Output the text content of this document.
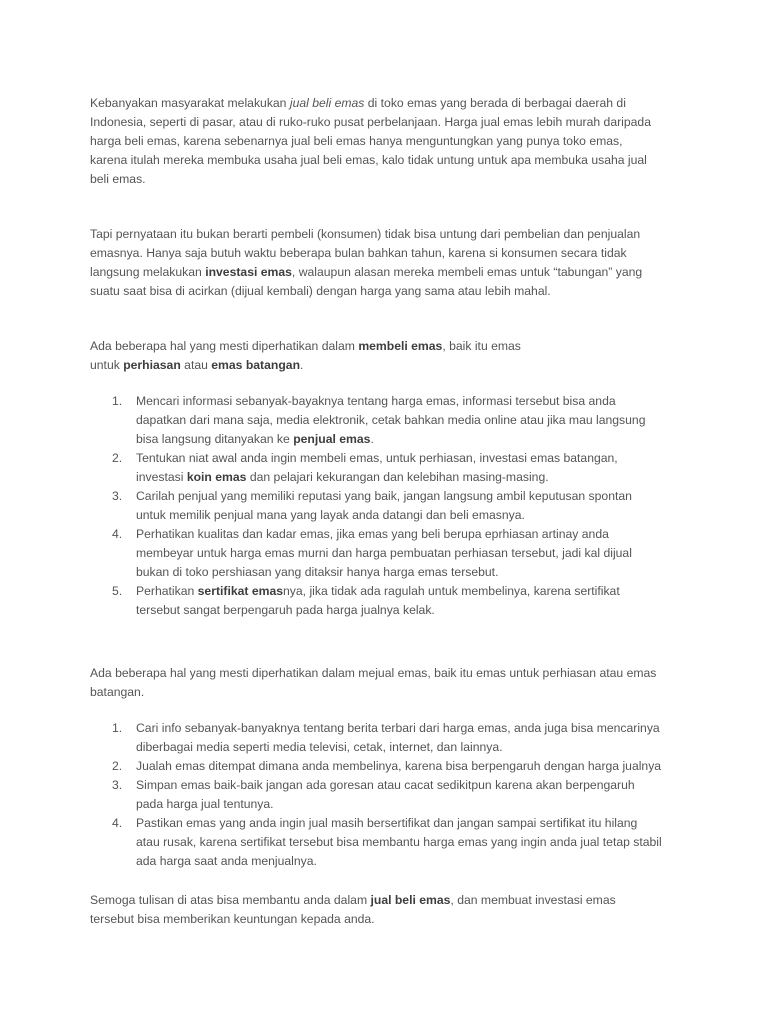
Kebanyakan masyarakat melakukan jual beli emas di toko emas yang berada di berbagai daerah di
Indonesia, seperti di pasar, atau di ruko-ruko pusat perbelanjaan. Harga jual emas lebih murah daripada
harga beli emas, karena sebenarnya jual beli emas hanya menguntungkan yang punya toko emas,
karena itulah mereka membuka usaha jual beli emas, kalo tidak untung untuk apa membuka usaha jual
beli emas.

Tapi pernyataan itu bukan berarti pembeli (konsumen) tidak bisa untung dari pembelian dan penjualan
emasnya. Hanya saja butuh waktu beberapa bulan bahkan tahun, karena si konsumen secara tidak
langsung melakukan investasi emas, walaupun alasan mereka membeli emas untuk “tabungan” yang
suatu saat bisa di acirkan (dijual kembali) dengan harga yang sama atau lebih mahal.

Ada beberapa hal yang mesti diperhatikan dalam membeli emas, baik itu emas
untuk perhiasan atau emas batangan.

1. Mencari informasi sebanyak-bayaknya tentang harga emas, informasi tersebut bisa anda
dapatkan dari mana saja, media elektronik, cetak bahkan media online atau jika mau langsung
bisa langsung ditanyakan ke penjual emas.
2. Tentukan niat awal anda ingin membeli emas, untuk perhiasan, investasi emas batangan,
investasi koin emas dan pelajari kekurangan dan kelebihan masing-masing.
3. Carilah penjual yang memiliki reputasi yang baik, jangan langsung ambil keputusan spontan
untuk memilik penjual mana yang layak anda datangi dan beli emasnya.
4. Perhatikan kualitas dan kadar emas, jika emas yang beli berupa eprhiasan artinay anda
membeyar untuk harga emas murni dan harga pembuatan perhiasan tersebut, jadi kal dijual
bukan di toko pershiasan yang ditaksir hanya harga emas tersebut.
5. Perhatikan sertifikat emasnya, jika tidak ada ragulah untuk membelinya, karena sertifikat
tersebut sangat berpengaruh pada harga jualnya kelak.

Ada beberapa hal yang mesti diperhatikan dalam mejual emas, baik itu emas untuk perhiasan atau emas
batangan.

1. Cari info sebanyak-banyaknya tentang berita terbari dari harga emas, anda juga bisa mencarinya
diberbagai media seperti media televisi, cetak, internet, dan lainnya.
2. Jualah emas ditempat dimana anda membelinya, karena bisa berpengaruh dengan harga jualnya
3. Simpan emas baik-baik jangan ada goresan atau cacat sedikitpun karena akan berpengaruh
pada harga jual tentunya.
4. Pastikan emas yang anda ingin jual masih bersertifikat dan jangan sampai sertifikat itu hilang
atau rusak, karena sertifikat tersebut bisa membantu harga emas yang ingin anda jual tetap stabil
ada harga saat anda menjualnya.

Semoga tulisan di atas bisa membantu anda dalam jual beli emas, dan membuat investasi emas
tersebut bisa memberikan keuntungan kepada anda.
